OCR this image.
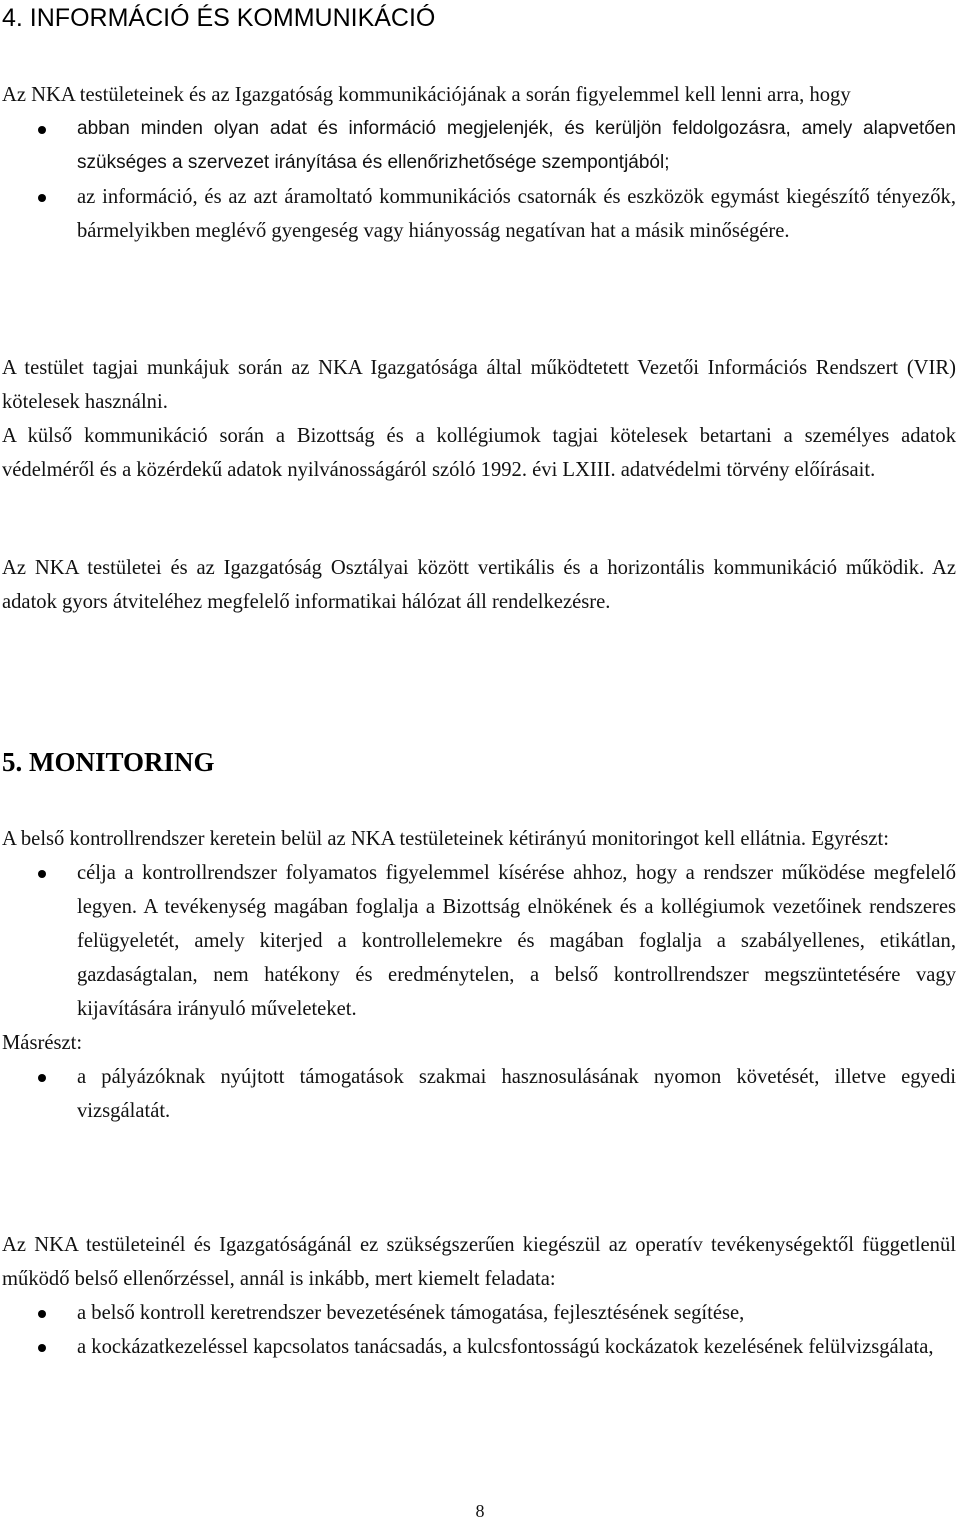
4. INFORMÁCIÓ ÉS KOMMUNIKÁCIÓ

Az NKA testületeinek és az Igazgatóság kommunikációjának a során figyelemmel kell lenni arra, hogy

abban minden olyan adat és információ megjelenjék, és kerüljön feldolgozásra, amely alapvetően szükséges a szervezet irányítása és ellenőrizhetősége szempontjából;
az információ, és az azt áramoltató kommunikációs csatornák és eszközök egymást kiegészítő tényezők, bármelyikben meglévő gyengeség vagy hiányosság negatívan hat a másik minőségére.

A testület tagjai munkájuk során az NKA Igazgatósága által működtetett Vezetői Információs Rendszert (VIR) kötelesek használni.

A külső kommunikáció során a Bizottság és a kollégiumok tagjai kötelesek betartani a személyes adatok védelméről és a közérdekű adatok nyilvánosságáról szóló 1992. évi LXIII. adatvédelmi törvény előírásait.

Az NKA testületei és az Igazgatóság Osztályai között vertikális és a horizontális kommunikáció működik. Az adatok gyors átviteléhez megfelelő informatikai hálózat áll rendelkezésre.

5. MONITORING

A belső kontrollrendszer keretein belül az NKA testületeinek kétirányú monitoringot kell ellátnia. Egyrészt:

célja a kontrollrendszer folyamatos figyelemmel kísérése ahhoz, hogy a rendszer működése megfelelő legyen. A tevékenység magában foglalja a Bizottság elnökének és a kollégiumok vezetőinek rendszeres felügyeletét, amely kiterjed a kontrollelemekre és magában foglalja a szabályellenes, etikátlan, gazdaságtalan, nem hatékony és eredménytelen, a belső kontrollrendszer megszüntetésére vagy kijavítására irányuló műveleteket.

Másrészt:

a pályázóknak nyújtott támogatások szakmai hasznosulásának nyomon követését, illetve egyedi vizsgálatát.

Az NKA testületeinél és Igazgatóságánál ez szükségszerűen kiegészül az operatív tevékenységektől függetlenül működő belső ellenőrzéssel, annál is inkább, mert kiemelt feladata:

a belső kontroll keretrendszer bevezetésének támogatása, fejlesztésének segítése,
a kockázatkezeléssel kapcsolatos tanácsadás, a kulcsfontosságú kockázatok kezelésének felülvizsgálata,
8
